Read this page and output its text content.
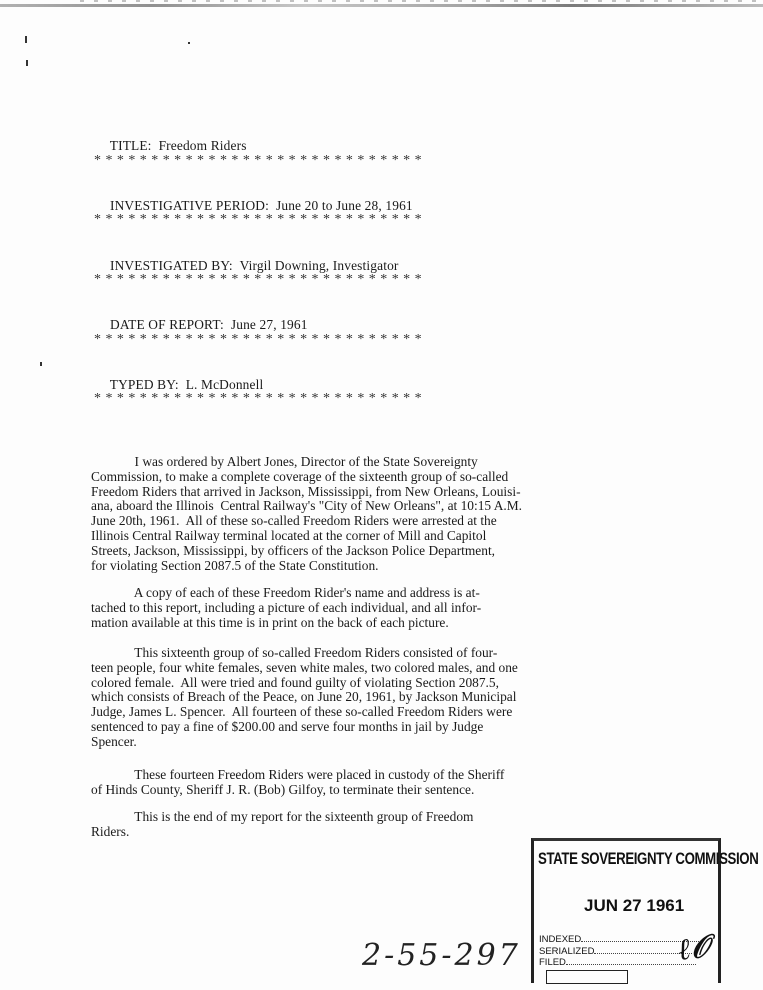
TITLE: Freedom Riders

*****************************

INVESTIGATIVE PERIOD: June 20 to June 28, 1961

*****************************

INVESTIGATED BY: Virgil Downing, Investigator

*****************************

DATE OF REPORT: June 27, 1961

*****************************

TYPED BY: L. McDonnell

*****************************
I was ordered by Albert Jones, Director of the State Sovereignty
Commission, to make a complete coverage of the sixteenth group of so-called
Freedom Riders that arrived in Jackson, Mississippi, from New Orleans, Louisi-
ana, aboard the Illinois  Central Railway's "City of New Orleans", at 10:15 A.M.
June 20th, 1961.  All of these so-called Freedom Riders were arrested at the
Illinois Central Railway terminal located at the corner of Mill and Capitol
Streets, Jackson, Mississippi, by officers of the Jackson Police Department,
for violating Section 2087.5 of the State Constitution.
A copy of each of these Freedom Rider's name and address is at-
tached to this report, including a picture of each individual, and all infor-
mation available at this time is in print on the back of each picture.
This sixteenth group of so-called Freedom Riders consisted of four-
teen people, four white females, seven white males, two colored males, and one
colored female.  All were tried and found guilty of violating Section 2087.5,
which consists of Breach of the Peace, on June 20, 1961, by Jackson Municipal
Judge, James L. Spencer.  All fourteen of these so-called Freedom Riders were
sentenced to pay a fine of $200.00 and serve four months in jail by Judge
Spencer.
These fourteen Freedom Riders were placed in custody of the Sheriff
of Hinds County, Sheriff J. R. (Bob) Gilfoy, to terminate their sentence.
This is the end of my report for the sixteenth group of Freedom
Riders.
STATE SOVEREIGNTY COMMISSION
JUN 27 1961
INDEXED
SERIALIZED
FILED	ℓ𝒪
2-55-297
